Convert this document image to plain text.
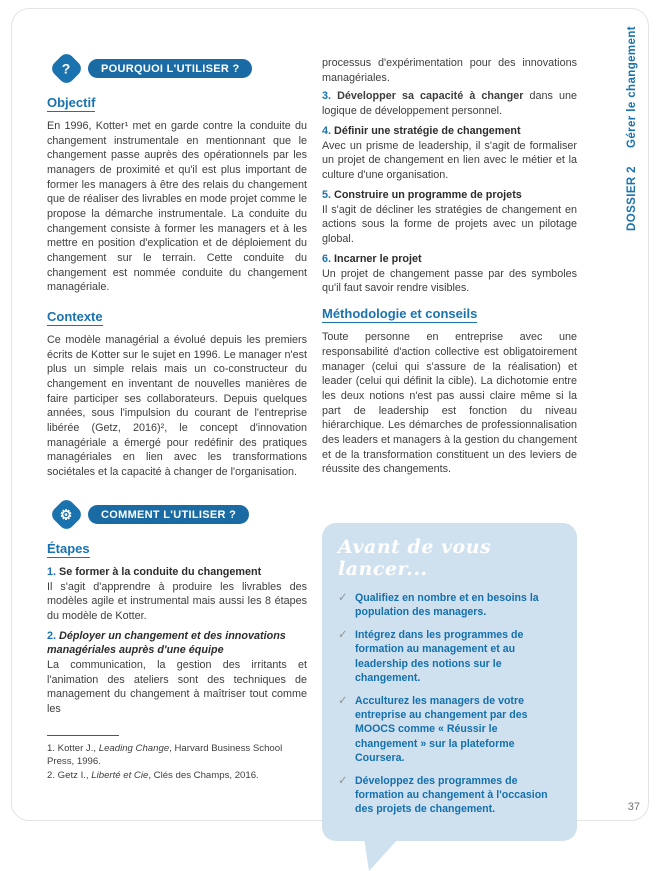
DOSSIER 2Gérer le changement
?	POURQUOI L'UTILISER ?
Objectif

En 1996, Kotter¹ met en garde contre la conduite du changement instrumentale en mentionnant que le changement passe auprès des opérationnels par les managers de proximité et qu'il est plus important de former les managers à être des relais du changement que de réaliser des livrables en mode projet comme le propose la démarche instrumentale. La conduite du changement consiste à former les managers et à les mettre en position d'explication et de déploiement du changement sur le terrain. Cette conduite du changement est nommée conduite du changement managériale.

Contexte

Ce modèle managérial a évolué depuis les premiers écrits de Kotter sur le sujet en 1996. Le manager n'est plus un simple relais mais un co-constructeur du changement en inventant de nouvelles manières de faire participer ses collaborateurs. Depuis quelques années, sous l'impulsion du courant de l'entreprise libérée (Getz, 2016)², le concept d'innovation managériale a émergé pour redéfinir des pratiques managériales en lien avec les transformations sociétales et la capacité à changer de l'organisation.

⚙	COMMENT L'UTILISER ?
Étapes

1. Se former à la conduite du changement

Il s'agit d'apprendre à produire les livrables des modèles agile et instrumental mais aussi les 8 étapes du modèle de Kotter.

2. Déployer un changement et des innovations managériales auprès d'une équipe

La communication, la gestion des irritants et l'animation des ateliers sont des techniques de management du changement à maîtriser tout comme les

1. Kotter J., Leading Change, Harvard Business School Press, 1996.

2. Getz I., Liberté et Cie, Clés des Champs, 2016.

processus d'expérimentation pour des innovations managériales.

3. Développer sa capacité à changer dans une logique de développement personnel.

4. Définir une stratégie de changement

Avec un prisme de leadership, il s'agit de formaliser un projet de changement en lien avec le métier et la culture d'une organisation.

5. Construire un programme de projets

Il s'agit de décliner les stratégies de changement en actions sous la forme de projets avec un pilotage global.

6. Incarner le projet

Un projet de changement passe par des symboles qu'il faut savoir rendre visibles.

Méthodologie et conseils

Toute personne en entreprise avec une responsabilité d'action collective est obligatoirement manager (celui qui s'assure de la réalisation) et leader (celui qui définit la cible). La dichotomie entre les deux notions n'est pas aussi claire même si la part de leadership est fonction du niveau hiérarchique. Les démarches de professionnalisation des leaders et managers à la gestion du changement et de la transformation constituent un des leviers de réussite des changements.

Avant de vous lancer...
✓ Qualifiez en nombre et en besoins la population des managers.
✓ Intégrez dans les programmes de formation au management et au leadership des notions sur le changement.
✓ Acculturez les managers de votre entreprise au changement par des MOOCS comme « Réussir le changement » sur la plateforme Coursera.
✓ Développez des programmes de formation au changement à l'occasion des projets de changement.	37
